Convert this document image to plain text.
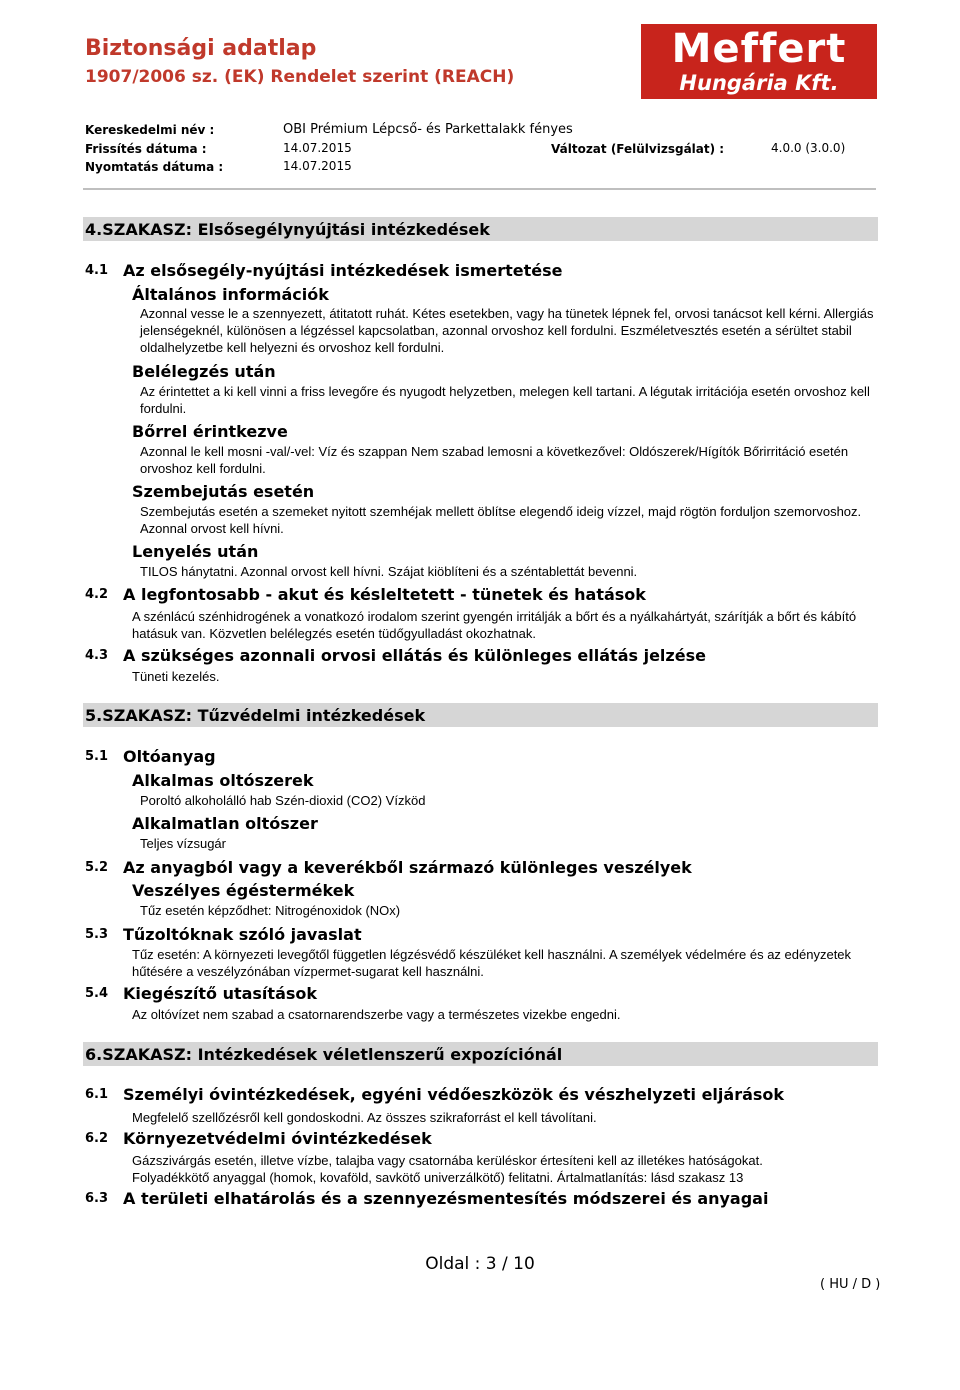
Biztonsági adatlap
1907/2006 sz. (EK) Rendelet szerint (REACH)
Meffert
Hungária Kft.
Kereskedelmi név :	OBI Prémium Lépcső- és Parkettalakk fényes
Frissítés dátuma :	14.07.2015	Változat (Felülvizsgálat) :	4.0.0 (3.0.0)
Nyomtatás dátuma :	14.07.2015
4.SZAKASZ: Elsősegélynyújtási intézkedések
4.1 Az elsősegély-nyújtási intézkedések ismertetése
Általános információk
Azonnal vesse le a szennyezett, átitatott ruhát. Kétes esetekben, vagy ha tünetek lépnek fel, orvosi tanácsot kell kérni. Allergiás jelenségeknél, különösen a légzéssel kapcsolatban, azonnal orvoshoz kell fordulni. Eszméletvesztés esetén a sérültet stabil oldalhelyzetbe kell helyezni és orvoshoz kell fordulni.
Belélegzés után
Az érintettet a ki kell vinni a friss levegőre és nyugodt helyzetben, melegen kell tartani. A légutak irritációja esetén orvoshoz kell fordulni.
Bőrrel érintkezve
Azonnal le kell mosni -val/-vel: Víz és szappan Nem szabad lemosni a következővel: Oldószerek/Hígítók Bőrirritáció esetén orvoshoz kell fordulni.
Szembejutás esetén
Szembejutás esetén a szemeket nyitott szemhéjak mellett öblítse elegendő ideig vízzel, majd rögtön forduljon szemorvoshoz. Azonnal orvost kell hívni.
Lenyelés után
TILOS hánytatni. Azonnal orvost kell hívni. Szájat kiöblíteni és a széntablettát bevenni.
4.2 A legfontosabb - akut és késleltetett - tünetek és hatások
A szénlácú szénhidrogének a vonatkozó irodalom szerint gyengén irritálják a bőrt és a nyálkahártyát, szárítják a bőrt és kábító hatásuk van. Közvetlen belélegzés esetén tüdőgyulladást okozhatnak.
4.3 A szükséges azonnali orvosi ellátás és különleges ellátás jelzése
Tüneti kezelés.
5.SZAKASZ: Tűzvédelmi intézkedések
5.1 Oltóanyag
Alkalmas oltószerek
Poroltó alkoholálló hab Szén-dioxid (CO2) Vízköd
Alkalmatlan oltószer
Teljes vízsugár
5.2 Az anyagból vagy a keverékből származó különleges veszélyek
Veszélyes égéstermékek
Tűz esetén képződhet: Nitrogénoxidok (NOx)
5.3 Tűzoltóknak szóló javaslat
Tűz esetén: A környezeti levegőtől független légzésvédő készüléket kell használni. A személyek védelmére és az edényzetek hűtésére a veszélyzónában vízpermet-sugarat kell használni.
5.4 Kiegészítő utasítások
Az oltóvízet nem szabad a csatornarendszerbe vagy a természetes vizekbe engedni.
6.SZAKASZ: Intézkedések véletlenszerű expozíciónál
6.1 Személyi óvintézkedések, egyéni védőeszközök és vészhelyzeti eljárások
Megfelelő szellőzésről kell gondoskodni. Az összes szikraforrást el kell távolítani.
6.2 Környezetvédelmi óvintézkedések
Gázszivárgás esetén, illetve vízbe, talajba vagy csatornába kerüléskor értesíteni kell az illetékes hatóságokat.
Folyadékkötő anyaggal (homok, kovaföld, savkötő univerzálkötő) felitatni. Ártalmatlanítás: lásd szakasz 13
6.3 A területi elhatárolás és a szennyezésmentesítés módszerei és anyagai
Oldal : 3 / 10
( HU / D )
